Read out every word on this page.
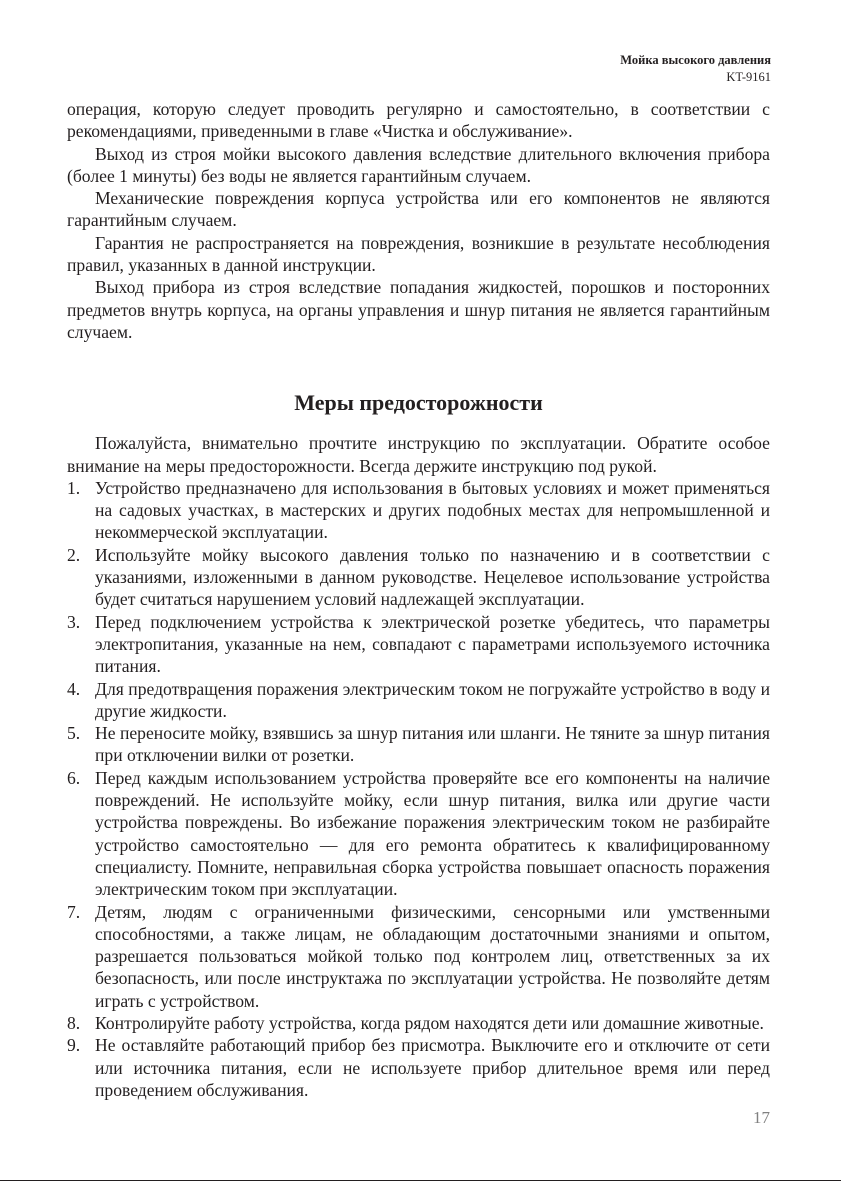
Мойка высокого давления
KT-9161

операция, которую следует проводить регулярно и самостоятельно, в соответствии с рекомендациями, приведенными в главе «Чистка и обслуживание».

Выход из строя мойки высокого давления вследствие длительного включения прибора (более 1 минуты) без воды не является гарантийным случаем.

Механические повреждения корпуса устройства или его компонентов не являются гарантийным случаем.

Гарантия не распространяется на повреждения, возникшие в результате несоблюдения правил, указанных в данной инструкции.

Выход прибора из строя вследствие попадания жидкостей, порошков и посторонних предметов внутрь корпуса, на органы управления и шнур питания не является гарантийным случаем.

Меры предосторожности

Пожалуйста, внимательно прочтите инструкцию по эксплуатации. Обратите особое внимание на меры предосторожности. Всегда держите инструкцию под рукой.

1. Устройство предназначено для использования в бытовых условиях и может применяться на садовых участках, в мастерских и других подобных местах для непромышленной и некоммерческой эксплуатации.
2. Используйте мойку высокого давления только по назначению и в соответствии с указаниями, изложенными в данном руководстве. Нецелевое использование устройства будет считаться нарушением условий надлежащей эксплуатации.
3. Перед подключением устройства к электрической розетке убедитесь, что параметры электропитания, указанные на нем, совпадают с параметрами используемого источника питания.
4. Для предотвращения поражения электрическим током не погружайте устройство в воду и другие жидкости.
5. Не переносите мойку, взявшись за шнур питания или шланги. Не тяните за шнур питания при отключении вилки от розетки.
6. Перед каждым использованием устройства проверяйте все его компоненты на наличие повреждений. Не используйте мойку, если шнур питания, вилка или другие части устройства повреждены. Во избежание поражения электрическим током не разбирайте устройство самостоятельно — для его ремонта обратитесь к квалифицированному специалисту. Помните, неправильная сборка устройства повышает опасность поражения электрическим током при эксплуатации.
7. Детям, людям с ограниченными физическими, сенсорными или умственными способностями, а также лицам, не обладающим достаточными знаниями и опытом, разрешается пользоваться мойкой только под контролем лиц, ответственных за их безопасность, или после инструктажа по эксплуатации устройства. Не позволяйте детям играть с устройством.
8. Контролируйте работу устройства, когда рядом находятся дети или домашние животные.
9. Не оставляйте работающий прибор без присмотра. Выключите его и отключите от сети или источника питания, если не используете прибор длительное время или перед проведением обслуживания.
17
